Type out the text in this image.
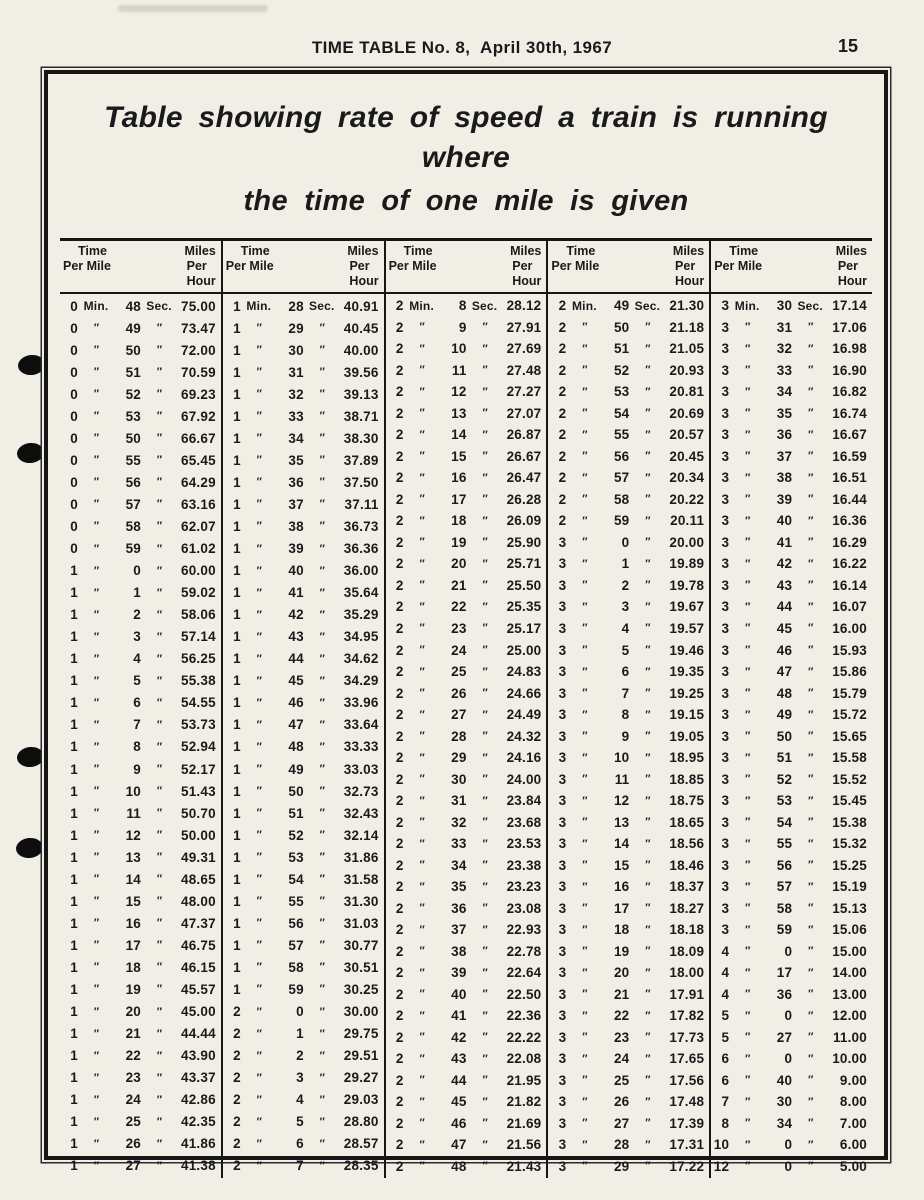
TIME TABLE No. 8,  April 30th, 1967	15
Table showing rate of speed a train is running where
the time of one mile is given
Time
Per Mile
Miles
Per
Hour
0 Min.	48 Sec. 75.00
0	″	49	″	73.47
0	″	50	″	72.00
0	″	51	″	70.59
0	″	52	″	69.23
0	″	53	″	67.92
0	″	50	″	66.67
0	″	55	″	65.45
0	″	56	″	64.29
0	″	57	″	63.16
0	″	58	″	62.07
0	″	59	″	61.02
1	″	0	″	60.00
1	″	1	″	59.02
1	″	2	″	58.06
1	″	3	″	57.14
1	″	4	″	56.25
1	″	5	″	55.38
1	″	6	″	54.55
1	″	7	″	53.73
1	″	8	″	52.94
1	″	9	″	52.17
1	″	10	″	51.43
1	″	11	″	50.70
1	″	12	″	50.00
1	″	13	″	49.31
1	″	14	″	48.65
1	″	15	″	48.00
1	″	16	″	47.37
1	″	17	″	46.75
1	″	18	″	46.15
1	″	19	″	45.57
1	″	20	″	45.00
1	″	21	″	44.44
1	″	22	″	43.90
1	″	23	″	43.37
1	″	24	″	42.86
1	″	25	″	42.35
1	″	26	″	41.86
1	″	27	″	41.38
Time
Per Mile
Miles
Per
Hour
1 Min.	28 Sec. 40.91
1	″	29	″	40.45
1	″	30	″	40.00
1	″	31	″	39.56
1	″	32	″	39.13
1	″	33	″	38.71
1	″	34	″	38.30
1	″	35	″	37.89
1	″	36	″	37.50
1	″	37	″	37.11
1	″	38	″	36.73
1	″	39	″	36.36
1	″	40	″	36.00
1	″	41	″	35.64
1	″	42	″	35.29
1	″	43	″	34.95
1	″	44	″	34.62
1	″	45	″	34.29
1	″	46	″	33.96
1	″	47	″	33.64
1	″	48	″	33.33
1	″	49	″	33.03
1	″	50	″	32.73
1	″	51	″	32.43
1	″	52	″	32.14
1	″	53	″	31.86
1	″	54	″	31.58
1	″	55	″	31.30
1	″	56	″	31.03
1	″	57	″	30.77
1	″	58	″	30.51
1	″	59	″	30.25
2	″	0	″	30.00
2	″	1	″	29.75
2	″	2	″	29.51
2	″	3	″	29.27
2	″	4	″	29.03
2	″	5	″	28.80
2	″	6	″	28.57
2	″	7	″	28.35
Time
Per Mile
Miles
Per
Hour
2 Min.	8 Sec. 28.12
2	″	9	″	27.91
2	″	10	″	27.69
2	″	11	″	27.48
2	″	12	″	27.27
2	″	13	″	27.07
2	″	14	″	26.87
2	″	15	″	26.67
2	″	16	″	26.47
2	″	17	″	26.28
2	″	18	″	26.09
2	″	19	″	25.90
2	″	20	″	25.71
2	″	21	″	25.50
2	″	22	″	25.35
2	″	23	″	25.17
2	″	24	″	25.00
2	″	25	″	24.83
2	″	26	″	24.66
2	″	27	″	24.49
2	″	28	″	24.32
2	″	29	″	24.16
2	″	30	″	24.00
2	″	31	″	23.84
2	″	32	″	23.68
2	″	33	″	23.53
2	″	34	″	23.38
2	″	35	″	23.23
2	″	36	″	23.08
2	″	37	″	22.93
2	″	38	″	22.78
2	″	39	″	22.64
2	″	40	″	22.50
2	″	41	″	22.36
2	″	42	″	22.22
2	″	43	″	22.08
2	″	44	″	21.95
2	″	45	″	21.82
2	″	46	″	21.69
2	″	47	″	21.56
2	″	48	″	21.43
Time
Per Mile
Miles
Per
Hour
2 Min.	49 Sec. 21.30
2	″	50	″	21.18
2	″	51	″	21.05
2	″	52	″	20.93
2	″	53	″	20.81
2	″	54	″	20.69
2	″	55	″	20.57
2	″	56	″	20.45
2	″	57	″	20.34
2	″	58	″	20.22
2	″	59	″	20.11
3	″	0	″	20.00
3	″	1	″	19.89
3	″	2	″	19.78
3	″	3	″	19.67
3	″	4	″	19.57
3	″	5	″	19.46
3	″	6	″	19.35
3	″	7	″	19.25
3	″	8	″	19.15
3	″	9	″	19.05
3	″	10	″	18.95
3	″	11	″	18.85
3	″	12	″	18.75
3	″	13	″	18.65
3	″	14	″	18.56
3	″	15	″	18.46
3	″	16	″	18.37
3	″	17	″	18.27
3	″	18	″	18.18
3	″	19	″	18.09
3	″	20	″	18.00
3	″	21	″	17.91
3	″	22	″	17.82
3	″	23	″	17.73
3	″	24	″	17.65
3	″	25	″	17.56
3	″	26	″	17.48
3	″	27	″	17.39
3	″	28	″	17.31
3	″	29	″	17.22
Time
Per Mile
Miles
Per
Hour
3 Min.	30 Sec. 17.14
3	″	31	″	17.06
3	″	32	″	16.98
3	″	33	″	16.90
3	″	34	″	16.82
3	″	35	″	16.74
3	″	36	″	16.67
3	″	37	″	16.59
3	″	38	″	16.51
3	″	39	″	16.44
3	″	40	″	16.36
3	″	41	″	16.29
3	″	42	″	16.22
3	″	43	″	16.14
3	″	44	″	16.07
3	″	45	″	16.00
3	″	46	″	15.93
3	″	47	″	15.86
3	″	48	″	15.79
3	″	49	″	15.72
3	″	50	″	15.65
3	″	51	″	15.58
3	″	52	″	15.52
3	″	53	″	15.45
3	″	54	″	15.38
3	″	55	″	15.32
3	″	56	″	15.25
3	″	57	″	15.19
3	″	58	″	15.13
3	″	59	″	15.06
4	″	0	″	15.00
4	″	17	″	14.00
4	″	36	″	13.00
5	″	0	″	12.00
5	″	27	″	11.00
6	″	0	″	10.00
6	″	40	″	9.00
7	″	30	″	8.00
8	″	34	″	7.00
10	″	0	″	6.00
12	″	0	″	5.00
